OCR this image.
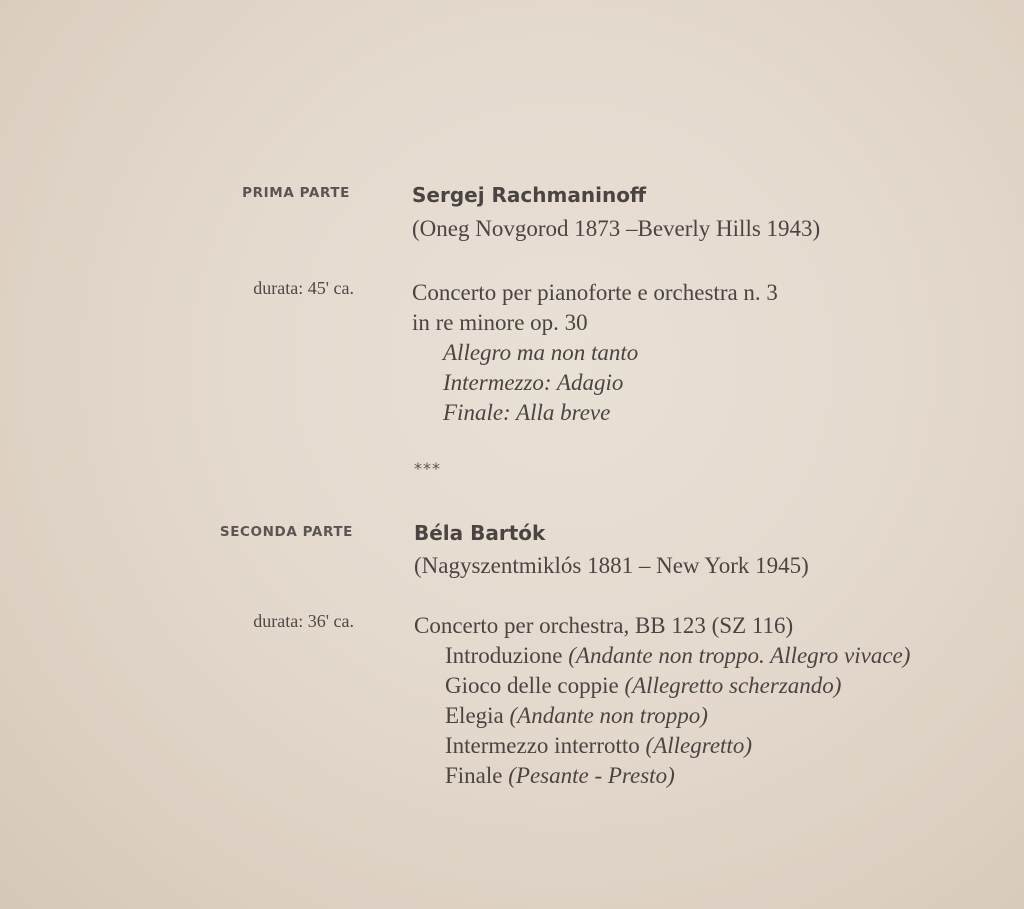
PRIMA PARTE	Sergej Rachmaninoff
(Oneg Novgorod 1873 –Beverly Hills 1943)
durata: 45' ca.	Concerto per pianoforte e orchestra n. 3
in re minore op. 30
Allegro ma non tanto
Intermezzo: Adagio
Finale: Alla breve
***
SECONDA PARTE	Béla Bartók
(Nagyszentmiklós 1881 – New York 1945)
durata: 36' ca.	Concerto per orchestra, BB 123 (SZ 116)
Introduzione (Andante non troppo. Allegro vivace)
Gioco delle coppie (Allegretto scherzando)
Elegia (Andante non troppo)
Intermezzo interrotto (Allegretto)
Finale (Pesante - Presto)
